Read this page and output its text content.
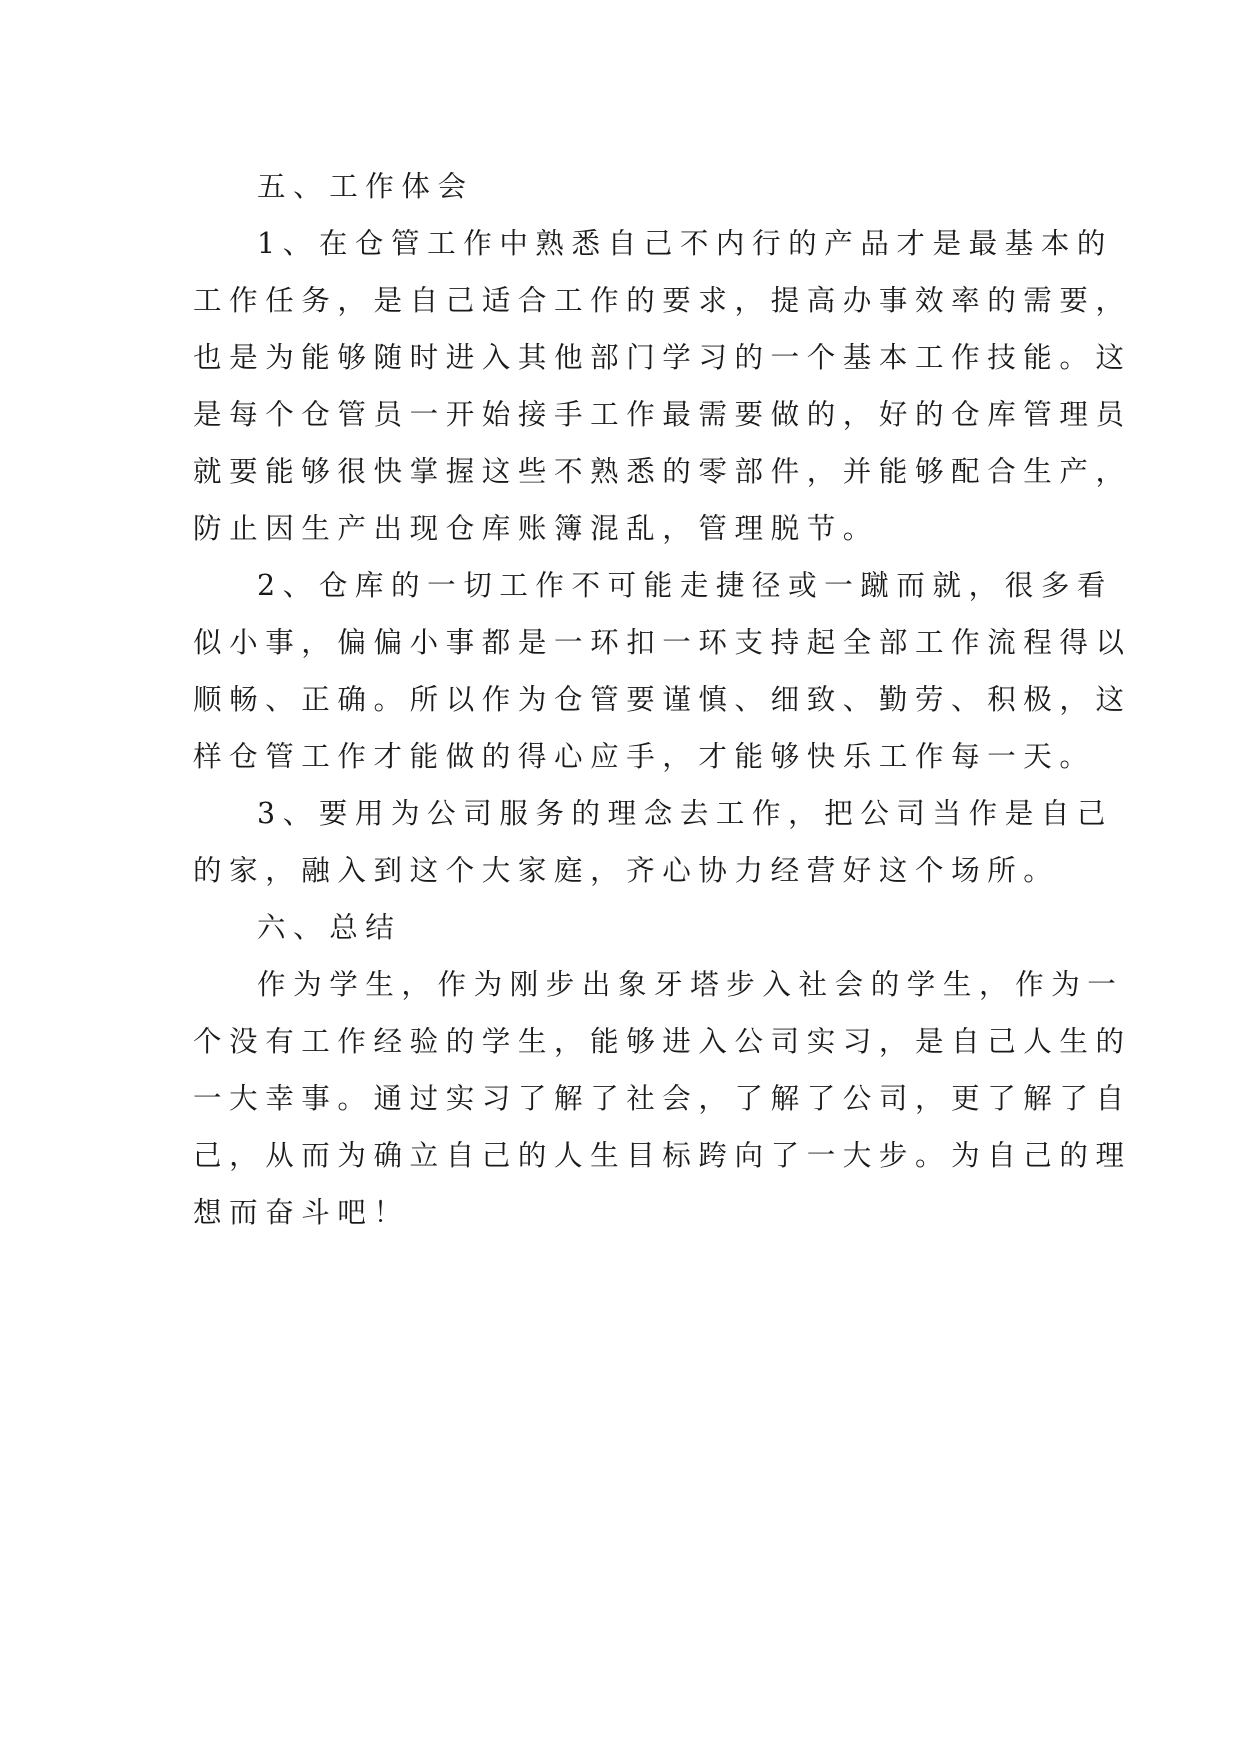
五、工作体会
1、在仓管工作中熟悉自己不内行的产品才是最基本的
工作任务，是自己适合工作的要求，提高办事效率的需要，
也是为能够随时进入其他部门学习的一个基本工作技能。这
是每个仓管员一开始接手工作最需要做的，好的仓库管理员
就要能够很快掌握这些不熟悉的零部件，并能够配合生产，
防止因生产出现仓库账簿混乱，管理脱节。
2、仓库的一切工作不可能走捷径或一蹴而就，很多看
似小事，偏偏小事都是一环扣一环支持起全部工作流程得以
顺畅、正确。所以作为仓管要谨慎、细致、勤劳、积极，这
样仓管工作才能做的得心应手，才能够快乐工作每一天。
3、要用为公司服务的理念去工作，把公司当作是自己
的家，融入到这个大家庭，齐心协力经营好这个场所。
六、总结
作为学生，作为刚步出象牙塔步入社会的学生，作为一
个没有工作经验的学生，能够进入公司实习，是自己人生的
一大幸事。通过实习了解了社会，了解了公司，更了解了自
己，从而为确立自己的人生目标跨向了一大步。为自己的理
想而奋斗吧！
